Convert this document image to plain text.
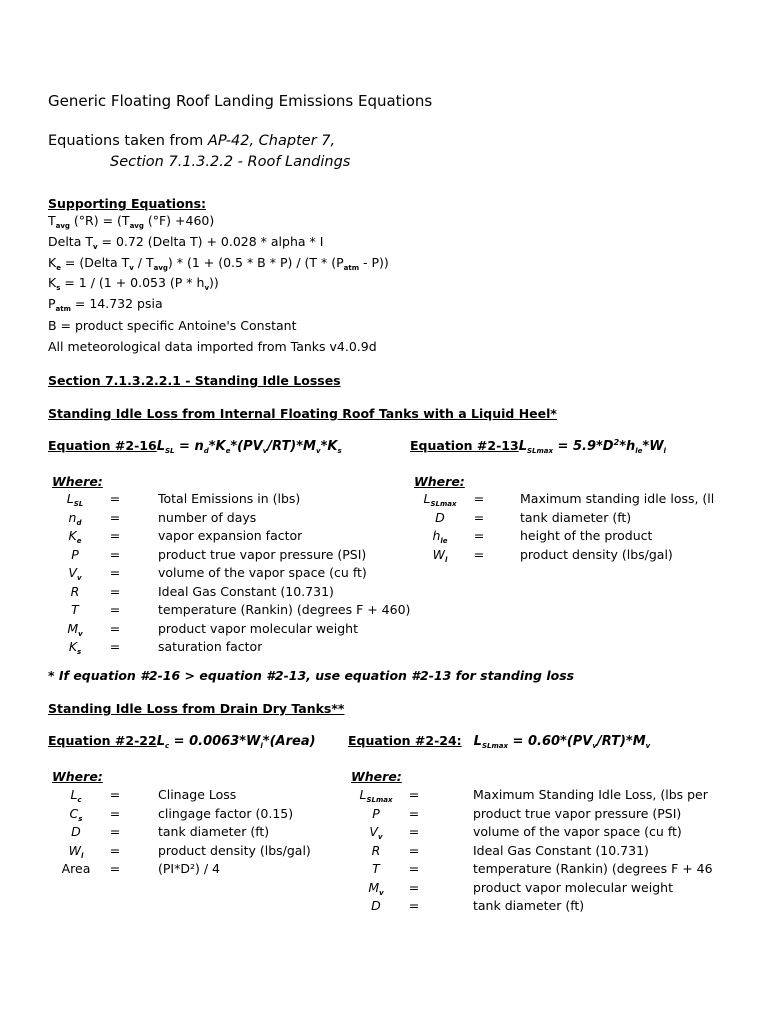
Generic Floating Roof Landing Emissions Equations
Equations taken from AP-42, Chapter 7,
Section 7.1.3.2.2 - Roof Landings
Supporting Equations:
$T_{avg}$ $(^\circ R) = (T_{avg}$ (°F) +460)
Delta $T_v = 0.72$ (Delta T) + 0.028 * alpha * I
$K_e$ = (Delta $T_v / T_{avg}) * (1 + (0.5 * B * P) / (T * (P_{atm} - P))$
$K_s = 1 / (1 + 0.053$ $(P * h_v)$)
$P_{atm} = 14.732$ psia
B = product specific Antoine's Constant
All meteorological data imported from Tanks v4.0.9d
Section 7.1.3.2.2.1 - Standing Idle Losses
Standing Idle Loss from Internal Floating Roof Tanks with a Liquid Heel*
Equation $\#2-16L_{SL} = n_d*K_e*(PV_v/RT)*M_v*K_s$	Equation $\#2-13L_{SLmax} = 5.9*D^2*h_{le}*W_l$
Where:	Where:
$L_{SL}$	=	Total Emissions in (lbs)
$n_d$	=	number of days
$K_e$	=	vapor expansion factor
P	=	product true vapor pressure (PSI)
$V_v$	=	volume of the vapor space (cu ft)
R	=	Ideal Gas Constant (10.731)
T	=	temperature (Rankin) (degrees F + 460)
$M_v$	=	product vapor molecular weight
$K_s$	=	saturation factor
$L_{SLmax}$	=	Maximum standing idle loss, (ll
D	=	tank diameter (ft)
$h_{le}$	=	height of the product
$W_l$	=	product density (lbs/gal)
* If equation #2-16 > equation #2-13, use equation #2-13 for standing loss
Standing Idle Loss from Drain Dry Tanks**
Equation $\#2-22L_c$ = $0.0063*W_l*(Area)$	Equation #2-24: $L_{SLmax} = 0.60*(PV_v/RT)*M_v$
Where:	Where:
$L_c$	=	Clinage Loss
$C_s$	=	clingage factor (0.15)
D	=	tank diameter (ft)
$W_l$	=	product density (lbs/gal)
Area	=	(PI*D²) / 4
$L_{SLmax}$	=	Maximum Standing Idle Loss, (lbs per
P	=	product true vapor pressure (PSI)
$V_v$	=	volume of the vapor space (cu ft)
R	=	Ideal Gas Constant (10.731)
T	=	temperature (Rankin) (degrees F + 46
$M_v$	=	product vapor molecular weight
D	=	tank diameter (ft)
